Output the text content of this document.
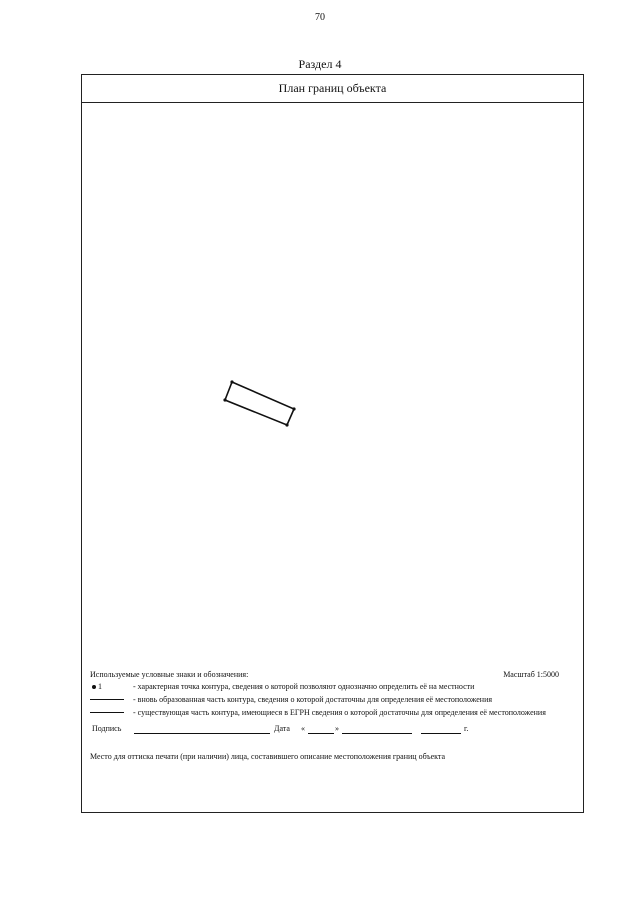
70
Раздел 4
План границ объекта
Используемые условные знаки и обозначения:	Масштаб 1:5000
1	- характерная точка контура, сведения о которой позволяют однозначно определить её на местности
- вновь образованная часть контура, сведения о которой достаточны для определения её местоположения
- существующая часть контура, имеющиеся в ЕГРН сведения о которой достаточны для определения её местоположения
Подпись	Дата «	»	г.
Место для оттиска печати (при наличии) лица, составившего описание местоположения границ объекта
